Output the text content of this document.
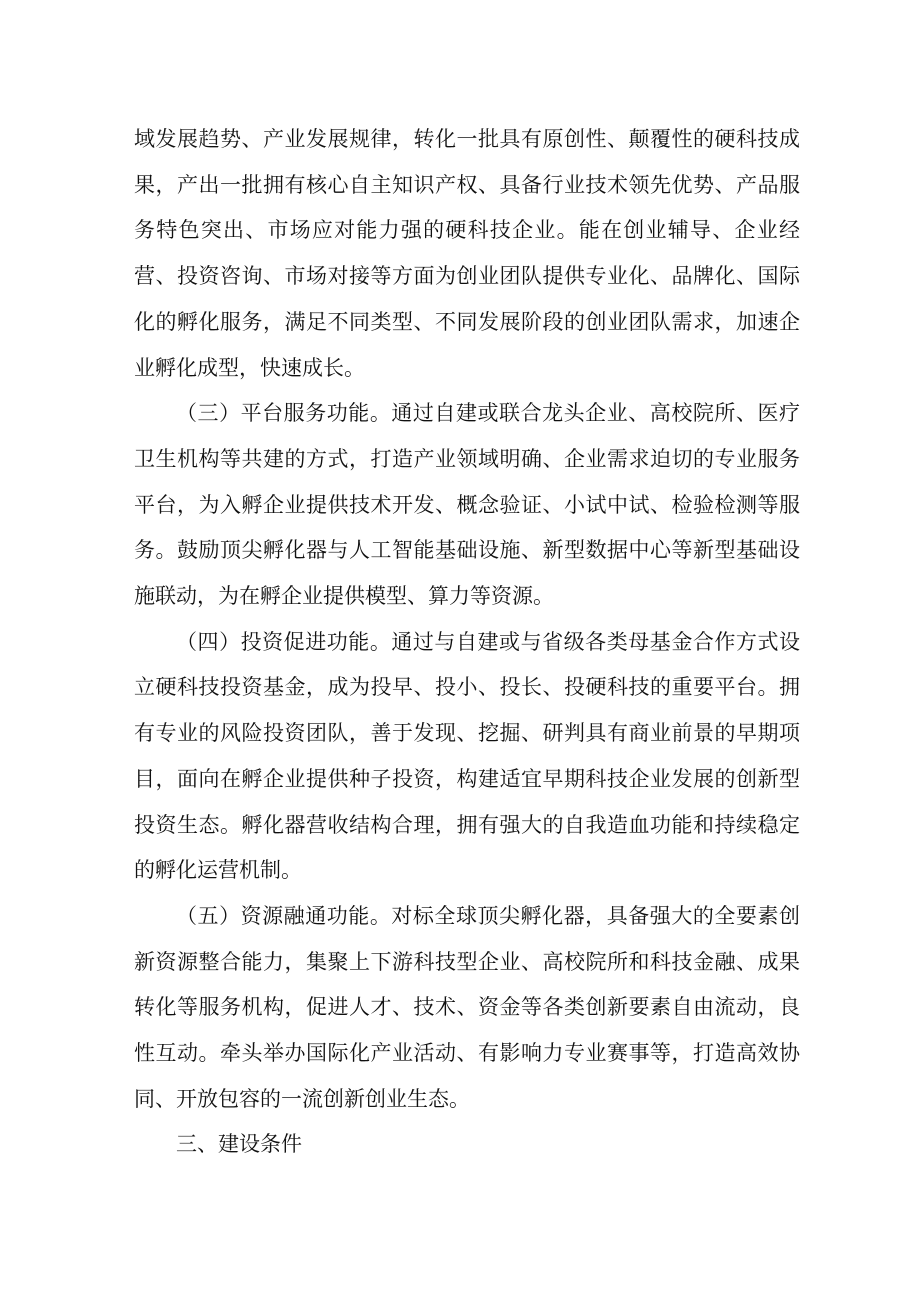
域发展趋势、产业发展规律，转化一批具有原创性、颠覆性的硬科技成果，产出一批拥有核心自主知识产权、具备行业技术领先优势、产品服务特色突出、市场应对能力强的硬科技企业。能在创业辅导、企业经营、投资咨询、市场对接等方面为创业团队提供专业化、品牌化、国际化的孵化服务，满足不同类型、不同发展阶段的创业团队需求，加速企业孵化成型，快速成长。

（三）平台服务功能。通过自建或联合龙头企业、高校院所、医疗卫生机构等共建的方式，打造产业领域明确、企业需求迫切的专业服务平台，为入孵企业提供技术开发、概念验证、小试中试、检验检测等服务。鼓励顶尖孵化器与人工智能基础设施、新型数据中心等新型基础设施联动，为在孵企业提供模型、算力等资源。

（四）投资促进功能。通过与自建或与省级各类母基金合作方式设立硬科技投资基金，成为投早、投小、投长、投硬科技的重要平台。拥有专业的风险投资团队，善于发现、挖掘、研判具有商业前景的早期项目，面向在孵企业提供种子投资，构建适宜早期科技企业发展的创新型投资生态。孵化器营收结构合理，拥有强大的自我造血功能和持续稳定的孵化运营机制。

（五）资源融通功能。对标全球顶尖孵化器，具备强大的全要素创新资源整合能力，集聚上下游科技型企业、高校院所和科技金融、成果转化等服务机构，促进人才、技术、资金等各类创新要素自由流动，良性互动。牵头举办国际化产业活动、有影响力专业赛事等，打造高效协同、开放包容的一流创新创业生态。

三、建设条件
